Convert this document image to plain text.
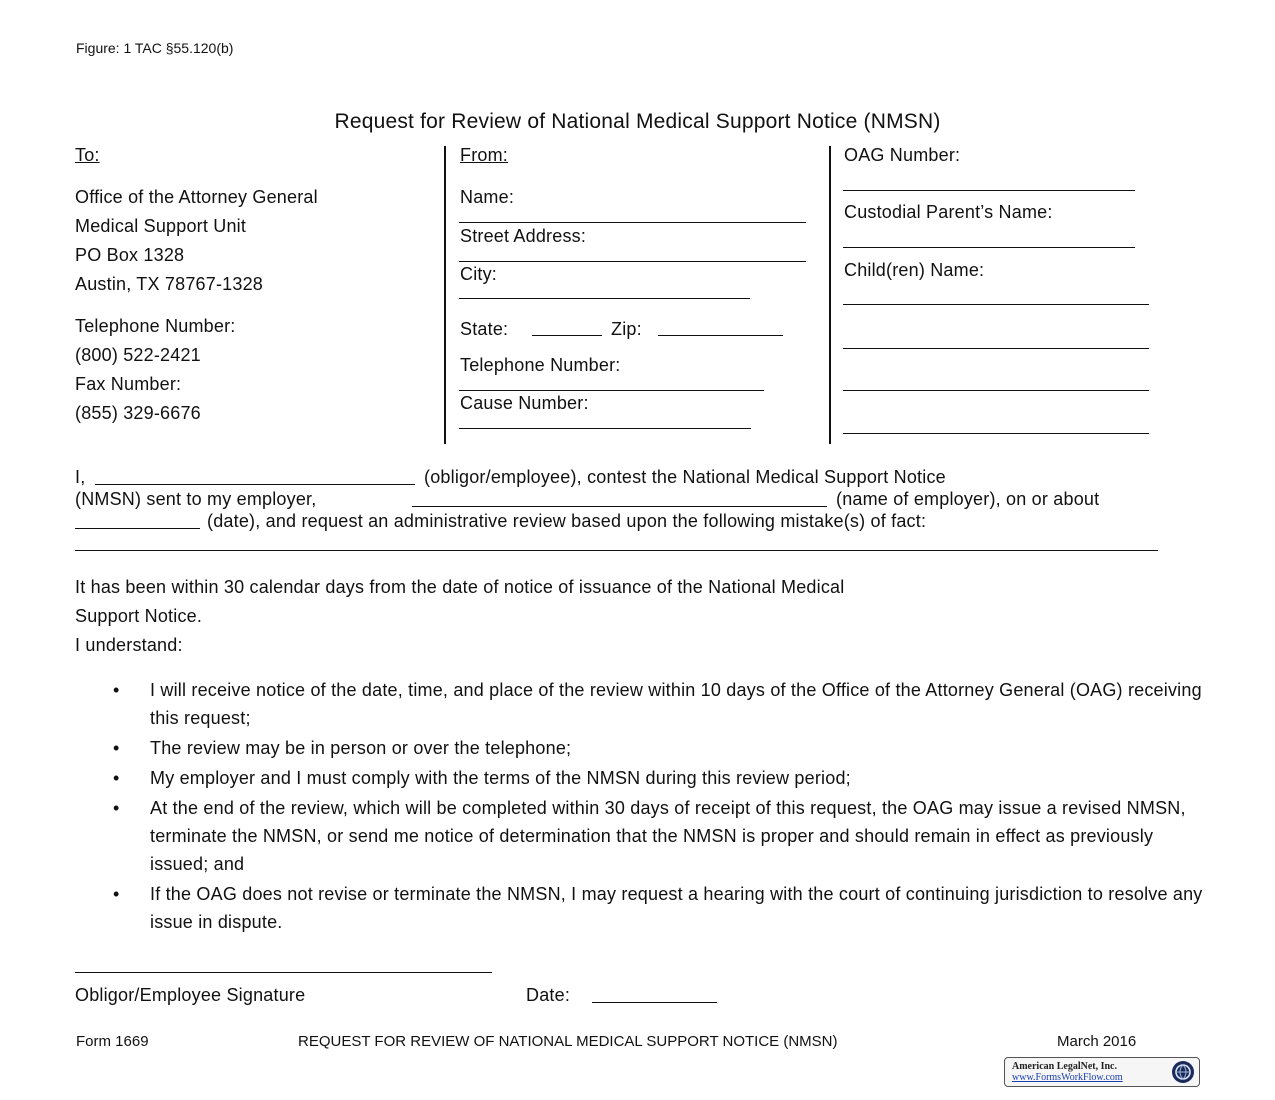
Figure: 1 TAC §55.120(b)
Request for Review of National Medical Support Notice (NMSN)
To:
Office of the Attorney General
Medical Support Unit
PO Box 1328
Austin, TX 78767-1328
Telephone Number:
(800) 522-2421
Fax Number:
(855) 329-6676
From:
Name:
Street Address:
City:
State:	Zip:
Telephone Number:
Cause Number:
OAG Number:
Custodial Parent’s Name:
Child(ren) Name:
I,	(obligor/employee), contest the National Medical Support Notice
(NMSN) sent to my employer,	(name of employer), on or about
(date), and request an administrative review based upon the following mistake(s) of fact:
It has been within 30 calendar days from the date of notice of issuance of the National Medical
Support Notice.
I understand:
• I will receive notice of the date, time, and place of the review within 10 days of the Office of the Attorney General (OAG) receiving this request;
• The review may be in person or over the telephone;
• My employer and I must comply with the terms of the NMSN during this review period;
• At the end of the review, which will be completed within 30 days of receipt of this request, the OAG may issue a revised NMSN, terminate the NMSN, or send me notice of determination that the NMSN is proper and should remain in effect as previously issued; and
• If the OAG does not revise or terminate the NMSN, I may request a hearing with the court of continuing jurisdiction to resolve any issue in dispute.
Obligor/Employee Signature	Date:
Form 1669	REQUEST FOR REVIEW OF NATIONAL MEDICAL SUPPORT NOTICE (NMSN)	March 2016
American LegalNet, Inc.
www.FormsWorkFlow.com
